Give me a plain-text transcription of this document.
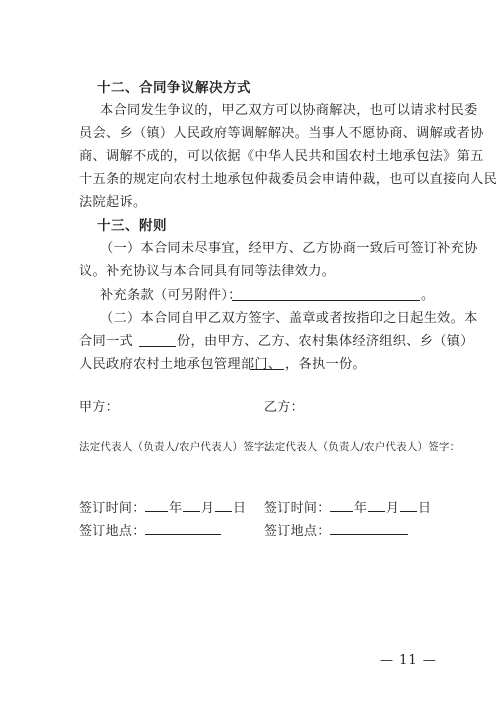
十二、合同争议解决方式
本合同发生争议的，甲乙双方可以协商解决，也可以请求村民委
员会、乡（镇）人民政府等调解解决。当事人不愿协商、调解或者协
商、调解不成的，可以依据《中华人民共和国农村土地承包法》第五
十五条的规定向农村土地承包仲裁委员会申请仲裁，也可以直接向人民
法院起诉。
十三、附则
（一）本合同未尽事宜，经甲方、乙方协商一致后可签订补充协
议。补充协议与本合同具有同等法律效力。
补充条款（可另附件）：	。
（二）本合同自甲乙双方签字、盖章或者按指印之日起生效。本
合同一式	份，由甲方、乙方、农村集体经济组织、乡（镇）
人民政府农村土地承包管理部门、 ，各执一份。
甲方：
法定代表人（负责人/农户代表人）签字：
签订时间： 年 月 日
签订地点：
乙方：
法定代表人（负责人/农户代表人）签字：
签订时间： 年 月 日
签订地点：
— 11 —
